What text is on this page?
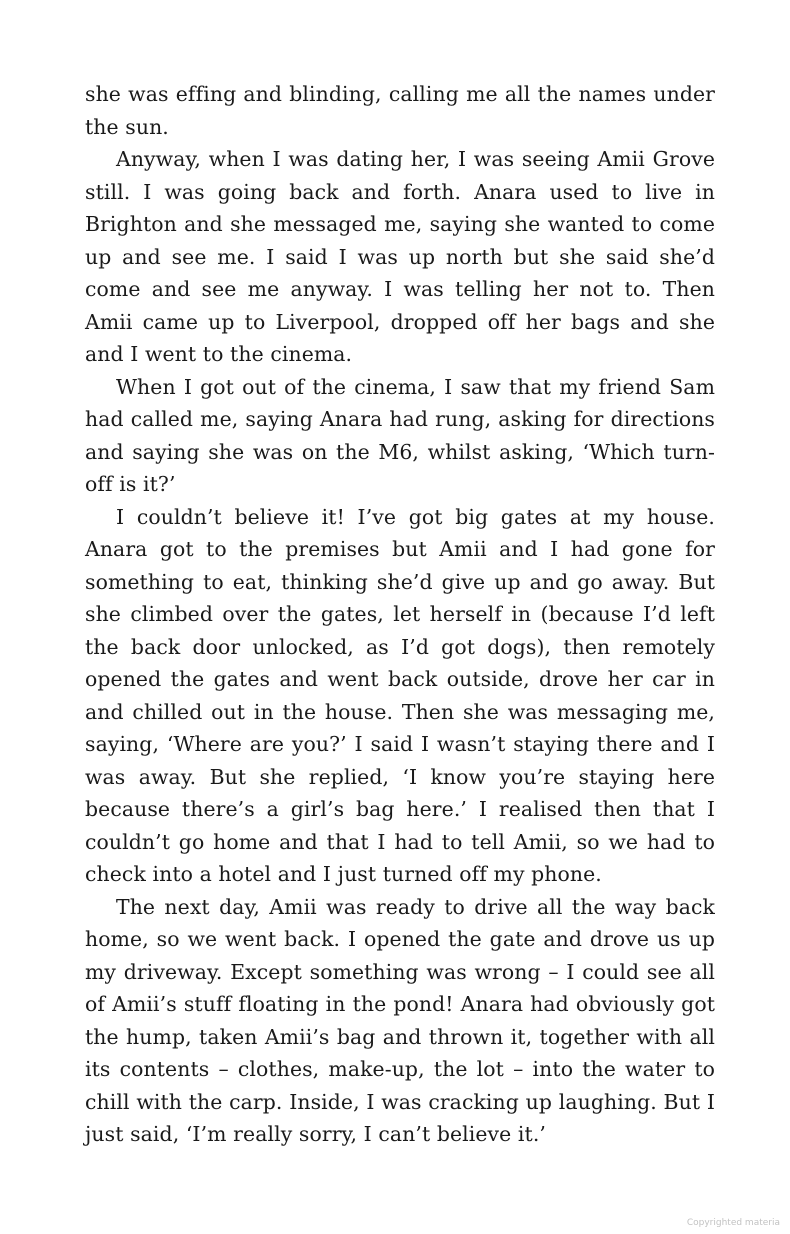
she was effing and blinding, calling me all the names under the sun.

Anyway, when I was dating her, I was seeing Amii Grove still. I was going back and forth. Anara used to live in Brighton and she messaged me, saying she wanted to come up and see me. I said I was up north but she said she’d come and see me anyway. I was telling her not to. Then Amii came up to Liverpool, dropped off her bags and she and I went to the cinema.

When I got out of the cinema, I saw that my friend Sam had called me, saying Anara had rung, asking for directions and saying she was on the M6, whilst asking, ‘Which turn-off is it?’

I couldn’t believe it! I’ve got big gates at my house. Anara got to the premises but Amii and I had gone for something to eat, thinking she’d give up and go away. But she climbed over the gates, let herself in (because I’d left the back door unlocked, as I’d got dogs), then remotely opened the gates and went back outside, drove her car in and chilled out in the house. Then she was messaging me, saying, ‘Where are you?’ I said I wasn’t staying there and I was away. But she replied, ‘I know you’re staying here because there’s a girl’s bag here.’ I realised then that I couldn’t go home and that I had to tell Amii, so we had to check into a hotel and I just turned off my phone.

The next day, Amii was ready to drive all the way back home, so we went back. I opened the gate and drove us up my driveway. Except something was wrong – I could see all of Amii’s stuff floating in the pond! Anara had obviously got the hump, taken Amii’s bag and thrown it, together with all its contents – clothes, make-up, the lot – into the water to chill with the carp. Inside, I was cracking up laughing. But I just said, ‘I’m really sorry, I can’t believe it.’

Copyrighted materia
